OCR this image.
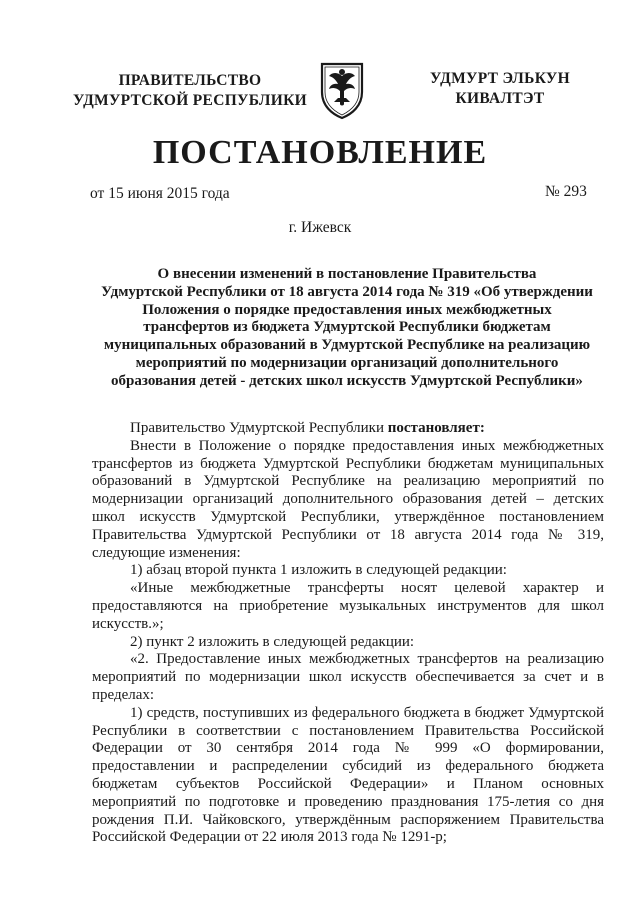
ПРАВИТЕЛЬСТВО
УДМУРТСКОЙ РЕСПУБЛИКИ
УДМУРТ ЭЛЬКУН
КИВАЛТЭТ
ПОСТАНОВЛЕНИЕ
от 15 июня 2015 года	№ 293
г. Ижевск
О внесении изменений в постановление Правительства
Удмуртской Республики от 18 августа 2014 года № 319 «Об утверждении
Положения о порядке предоставления иных межбюджетных
трансфертов из бюджета Удмуртской Республики бюджетам
муниципальных образований в Удмуртской Республике на реализацию
мероприятий по модернизации организаций дополнительного
образования детей - детских школ искусств Удмуртской Республики»
Правительство Удмуртской Республики постановляет:
Внести в Положение о порядке предоставления иных межбюджетных
трансфертов из бюджета Удмуртской Республики бюджетам муниципальных
образований в Удмуртской Республике на реализацию мероприятий по
модернизации организаций дополнительного образования детей – детских
школ искусств Удмуртской Республики, утверждённое постановлением
Правительства Удмуртской Республики от 18 августа 2014 года № 319,
следующие изменения:
1) абзац второй пункта 1 изложить в следующей редакции:
«Иные межбюджетные трансферты носят целевой характер и
предоставляются на приобретение музыкальных инструментов для школ
искусств.»;
2) пункт 2 изложить в следующей редакции:
«2. Предоставление иных межбюджетных трансфертов на реализацию
мероприятий по модернизации школ искусств обеспечивается за счет и в
пределах:
1) средств, поступивших из федерального бюджета в бюджет Удмуртской
Республики в соответствии с постановлением Правительства Российской
Федерации от 30 сентября 2014 года № 999 «О формировании,
предоставлении и распределении субсидий из федерального бюджета
бюджетам субъектов Российской Федерации» и Планом основных
мероприятий по подготовке и проведению празднования 175-летия со дня
рождения П.И. Чайковского, утверждённым распоряжением Правительства
Российской Федерации от 22 июля 2013 года № 1291-р;
